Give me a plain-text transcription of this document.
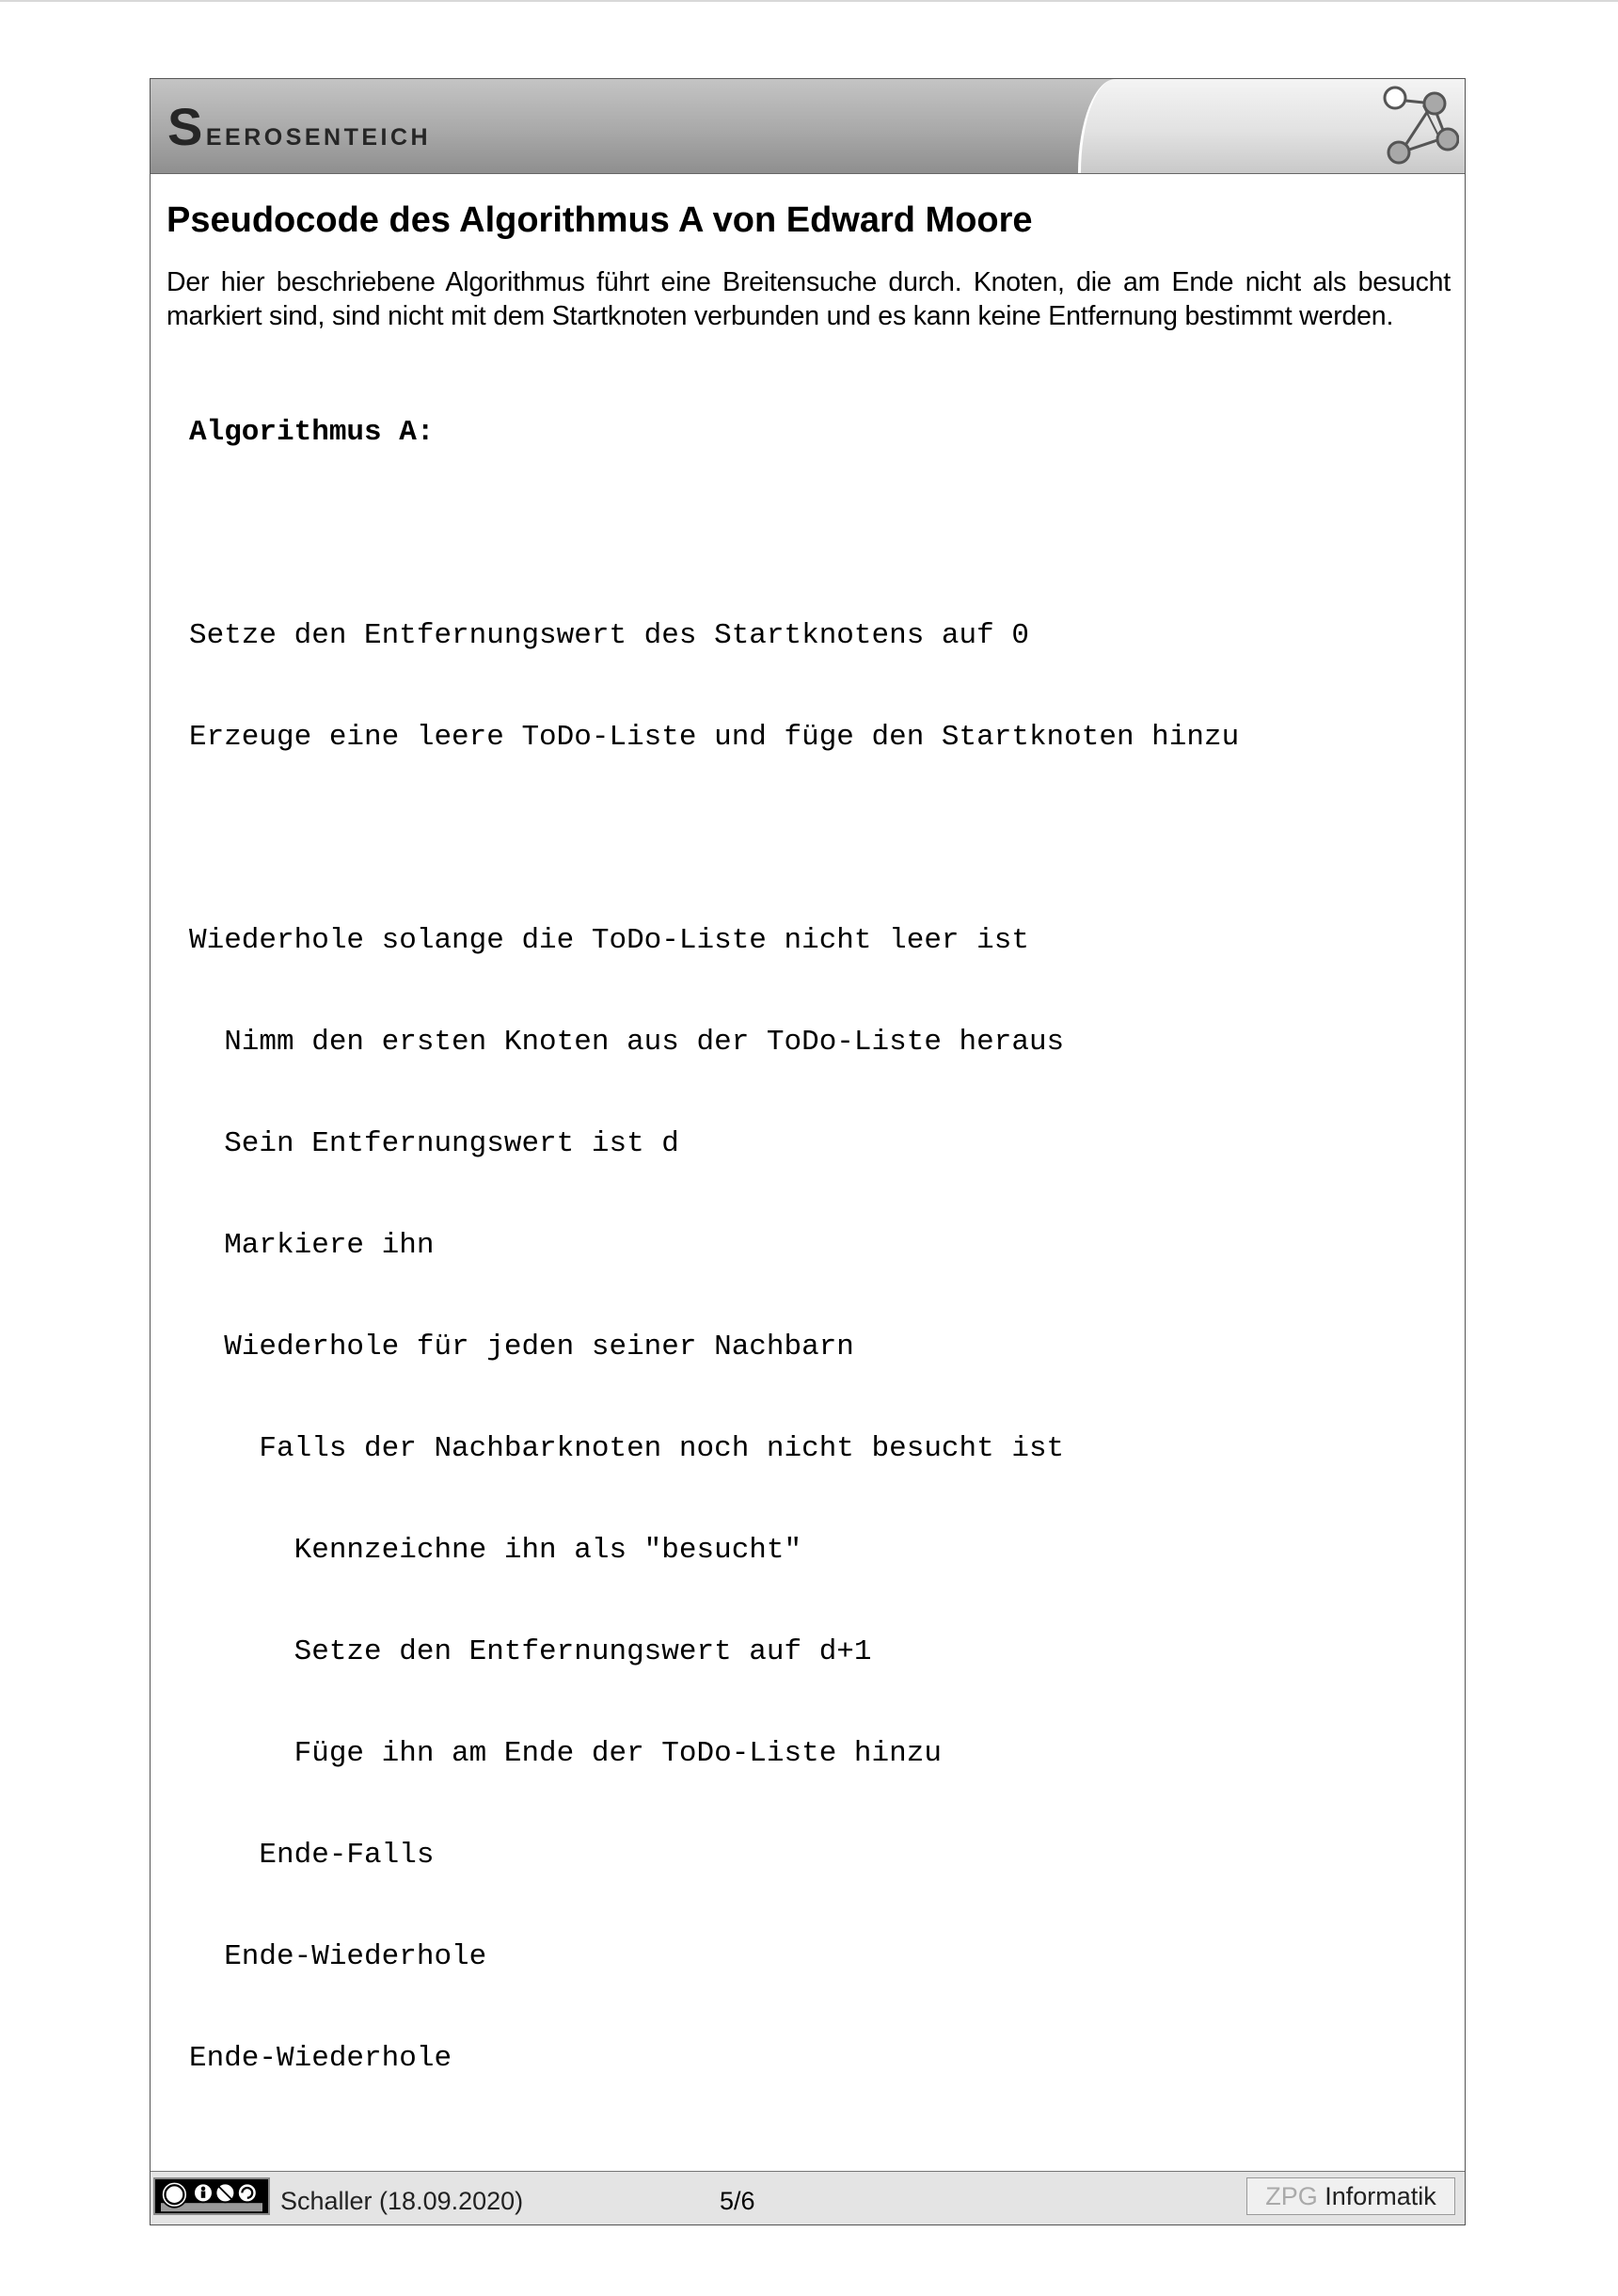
Seerosenteich
Pseudocode des Algorithmus A von Edward Moore

Der hier beschriebene Algorithmus führt eine Breitensuche durch. Knoten, die am Ende nicht als besucht markiert sind, sind nicht mit dem Startknoten verbunden und es kann keine Entfernung bestimmt werden.

Algorithmus A:

Setze den Entfernungswert des Startknotens auf 0

Erzeuge eine leere ToDo-Liste und füge den Startknoten hinzu

Wiederhole solange die ToDo-Liste nicht leer ist

Nimm den ersten Knoten aus der ToDo-Liste heraus

Sein Entfernungswert ist d

Markiere ihn

Wiederhole für jeden seiner Nachbarn

Falls der Nachbarknoten noch nicht besucht ist

Kennzeichne ihn als "besucht"

Setze den Entfernungswert auf d+1

Füge ihn am Ende der ToDo-Liste hinzu

Ende-Falls

Ende-Wiederhole

Ende-Wiederhole

Schaller (18.09.2020)	5/6	ZPG Informatik
